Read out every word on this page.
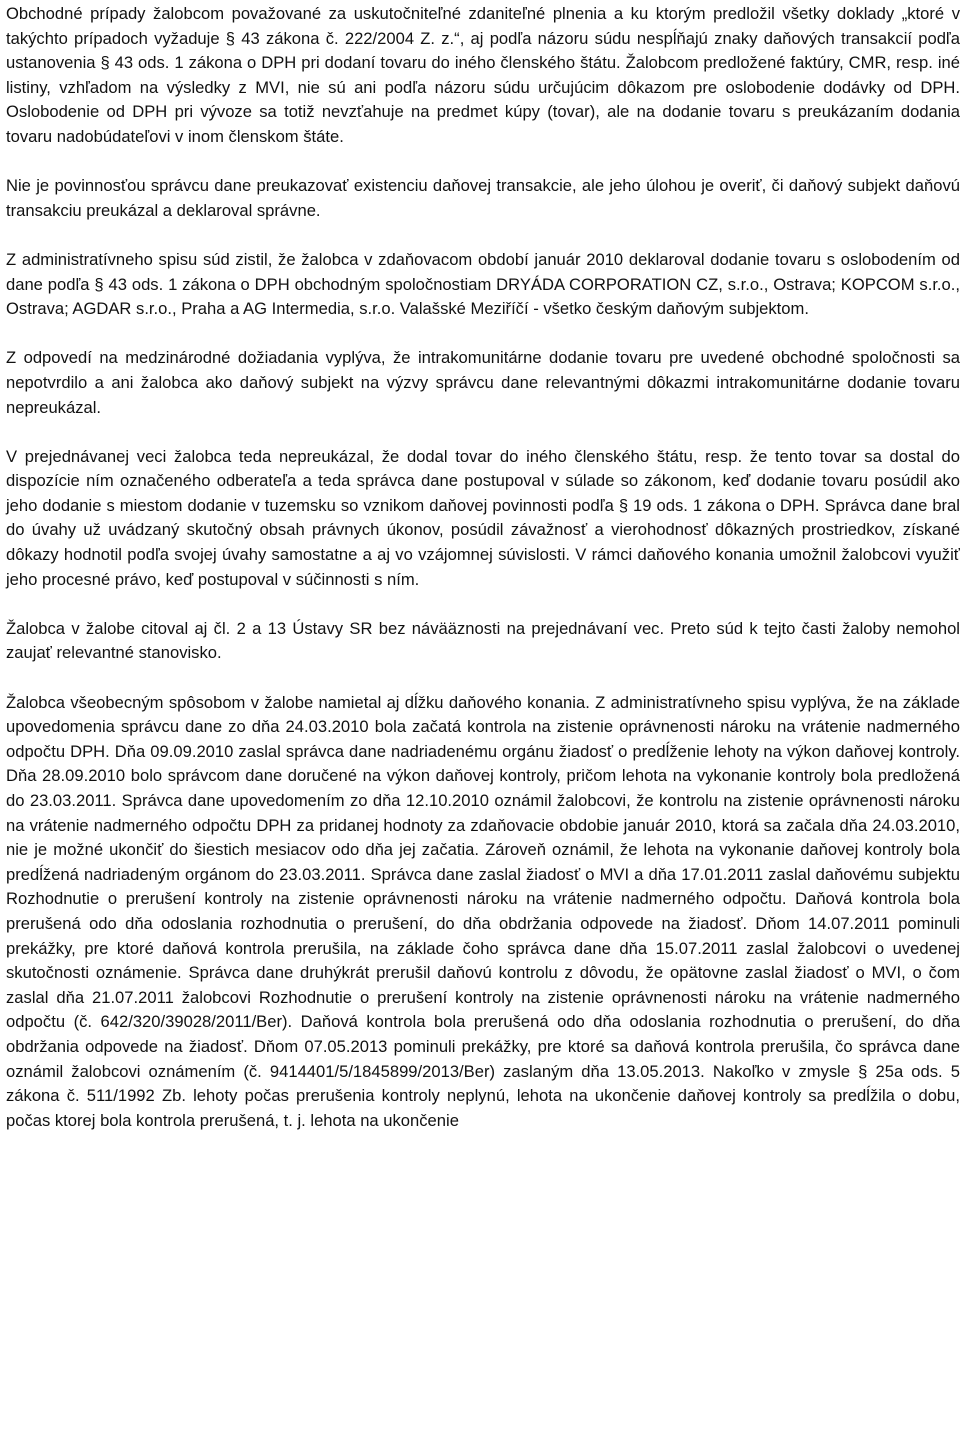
Obchodné prípady žalobcom považované za uskutočniteľné zdaniteľné plnenia a ku ktorým predložil všetky doklady „ktoré v takýchto prípadoch vyžaduje § 43 zákona č. 222/2004 Z. z.“, aj podľa názoru súdu nespĺňajú znaky daňových transakcií podľa ustanovenia § 43 ods. 1 zákona o DPH pri dodaní tovaru do iného členského štátu. Žalobcom predložené faktúry, CMR, resp. iné listiny, vzhľadom na výsledky z MVI, nie sú ani podľa názoru súdu určujúcim dôkazom pre oslobodenie dodávky od DPH. Oslobodenie od DPH pri vývoze sa totiž nevzťahuje na predmet kúpy (tovar), ale na dodanie tovaru s preukázaním dodania tovaru nadobúdateľovi v inom členskom štáte.

Nie je povinnosťou správcu dane preukazovať existenciu daňovej transakcie, ale jeho úlohou je overiť, či daňový subjekt daňovú transakciu preukázal a deklaroval správne.

Z administratívneho spisu súd zistil, že žalobca v zdaňovacom období január 2010 deklaroval dodanie tovaru s oslobodením od dane podľa § 43 ods. 1 zákona o DPH obchodným spoločnostiam DRYÁDA CORPORATION CZ, s.r.o., Ostrava; KOPCOM s.r.o., Ostrava; AGDAR s.r.o., Praha a AG Intermedia, s.r.o. Valašské Meziříčí - všetko českým daňovým subjektom.

Z odpovedí na medzinárodné dožiadania vyplýva, že intrakomunitárne dodanie tovaru pre uvedené obchodné spoločnosti sa nepotvrdilo a ani žalobca ako daňový subjekt na výzvy správcu dane relevantnými dôkazmi intrakomunitárne dodanie tovaru nepreukázal.

V prejednávanej veci žalobca teda nepreukázal, že dodal tovar do iného členského štátu, resp. že tento tovar sa dostal do dispozície ním označeného odberateľa a teda správca dane postupoval v súlade so zákonom, keď dodanie tovaru posúdil ako jeho dodanie s miestom dodanie v tuzemsku so vznikom daňovej povinnosti podľa § 19 ods. 1 zákona o DPH. Správca dane bral do úvahy už uvádzaný skutočný obsah právnych úkonov, posúdil závažnosť a vierohodnosť dôkazných prostriedkov, získané dôkazy hodnotil podľa svojej úvahy samostatne a aj vo vzájomnej súvislosti. V rámci daňového konania umožnil žalobcovi využiť jeho procesné právo, keď postupoval v súčinnosti s ním.

Žalobca v žalobe citoval aj čl. 2 a 13 Ústavy SR bez návääznosti na prejednávaní vec. Preto súd k tejto časti žaloby nemohol zaujať relevantné stanovisko.

Žalobca všeobecným spôsobom v žalobe namietal aj dĺžku daňového konania. Z administratívneho spisu vyplýva, že na základe upovedomenia správcu dane zo dňa 24.03.2010 bola začatá kontrola na zistenie oprávnenosti nároku na vrátenie nadmerného odpočtu DPH. Dňa 09.09.2010 zaslal správca dane nadriadenému orgánu žiadosť o predĺženie lehoty na výkon daňovej kontroly. Dňa 28.09.2010 bolo správcom dane doručené na výkon daňovej kontroly, pričom lehota na vykonanie kontroly bola predložená do 23.03.2011. Správca dane upovedomením zo dňa 12.10.2010 oznámil žalobcovi, že kontrolu na zistenie oprávnenosti nároku na vrátenie nadmerného odpočtu DPH za pridanej hodnoty za zdaňovacie obdobie január 2010, ktorá sa začala dňa 24.03.2010, nie je možné ukončiť do šiestich mesiacov odo dňa jej začatia. Zároveň oznámil, že lehota na vykonanie daňovej kontroly bola predĺžená nadriadeným orgánom do 23.03.2011. Správca dane zaslal žiadosť o MVI a dňa 17.01.2011 zaslal daňovému subjektu Rozhodnutie o prerušení kontroly na zistenie oprávnenosti nároku na vrátenie nadmerného odpočtu. Daňová kontrola bola prerušená odo dňa odoslania rozhodnutia o prerušení, do dňa obdržania odpovede na žiadosť. Dňom 14.07.2011 pominuli prekážky, pre ktoré daňová kontrola prerušila, na základe čoho správca dane dňa 15.07.2011 zaslal žalobcovi o uvedenej skutočnosti oznámenie. Správca dane druhýkrát prerušil daňovú kontrolu z dôvodu, že opätovne zaslal žiadosť o MVI, o čom zaslal dňa 21.07.2011 žalobcovi Rozhodnutie o prerušení kontroly na zistenie oprávnenosti nároku na vrátenie nadmerného odpočtu (č. 642/320/39028/2011/Ber). Daňová kontrola bola prerušená odo dňa odoslania rozhodnutia o prerušení, do dňa obdržania odpovede na žiadosť. Dňom 07.05.2013 pominuli prekážky, pre ktoré sa daňová kontrola prerušila, čo správca dane oznámil žalobcovi oznámením (č. 9414401/5/1845899/2013/Ber) zaslaným dňa 13.05.2013. Nakoľko v zmysle § 25a ods. 5 zákona č. 511/1992 Zb. lehoty počas prerušenia kontroly neplynú, lehota na ukončenie daňovej kontroly sa predĺžila o dobu, počas ktorej bola kontrola prerušená, t. j. lehota na ukončenie
